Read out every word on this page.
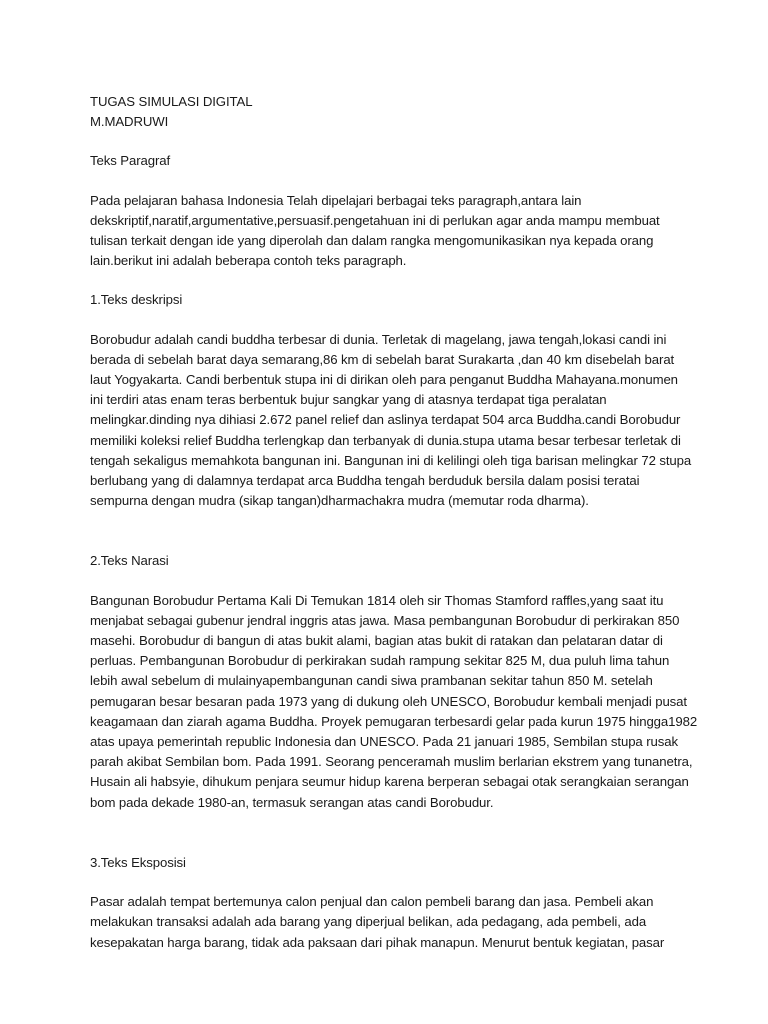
TUGAS SIMULASI DIGITAL
M.MADRUWI
Teks Paragraf
Pada pelajaran bahasa Indonesia Telah dipelajari berbagai teks paragraph,antara lain
dekskriptif,naratif,argumentative,persuasif.pengetahuan ini di perlukan agar anda mampu membuat
tulisan terkait dengan ide yang diperolah dan dalam rangka mengomunikasikan nya kepada orang
lain.berikut ini adalah beberapa contoh teks paragraph.
1.Teks deskripsi
Borobudur adalah candi buddha terbesar di dunia. Terletak di magelang, jawa tengah,lokasi candi ini
berada di sebelah barat daya semarang,86 km di sebelah barat Surakarta ,dan 40 km disebelah barat
laut Yogyakarta. Candi berbentuk stupa ini di dirikan oleh para penganut Buddha Mahayana.monumen
ini terdiri atas enam teras berbentuk bujur sangkar yang di atasnya terdapat tiga peralatan
melingkar.dinding nya dihiasi 2.672 panel relief dan aslinya terdapat 504 arca Buddha.candi Borobudur
memiliki koleksi relief Buddha terlengkap dan terbanyak di dunia.stupa utama besar terbesar terletak di
tengah sekaligus memahkota bangunan ini. Bangunan ini di kelilingi oleh tiga barisan melingkar 72 stupa
berlubang yang di dalamnya terdapat arca Buddha tengah berduduk bersila dalam posisi teratai
sempurna dengan mudra (sikap tangan)dharmachakra mudra (memutar roda dharma).
2.Teks Narasi
Bangunan Borobudur Pertama Kali Di Temukan 1814 oleh sir Thomas Stamford raffles,yang saat itu
menjabat sebagai gubenur jendral inggris atas jawa. Masa pembangunan Borobudur di perkirakan 850
masehi. Borobudur di bangun di atas bukit alami, bagian atas bukit di ratakan dan pelataran datar di
perluas. Pembangunan Borobudur di perkirakan sudah rampung sekitar 825 M, dua puluh lima tahun
lebih awal sebelum di mulainyapembangunan candi siwa prambanan sekitar tahun 850 M. setelah
pemugaran besar besaran pada 1973 yang di dukung oleh UNESCO, Borobudur kembali menjadi pusat
keagamaan dan ziarah agama Buddha. Proyek pemugaran terbesardi gelar pada kurun 1975 hingga1982
atas upaya pemerintah republic Indonesia dan UNESCO. Pada 21 januari 1985, Sembilan stupa rusak
parah akibat Sembilan bom. Pada 1991. Seorang penceramah muslim berlarian ekstrem yang tunanetra,
Husain ali habsyie, dihukum penjara seumur hidup karena berperan sebagai otak serangkaian serangan
bom pada dekade 1980-an, termasuk serangan atas candi Borobudur.
3.Teks Eksposisi
Pasar adalah tempat bertemunya calon penjual dan calon pembeli barang dan jasa. Pembeli akan
melakukan transaksi adalah ada barang yang diperjual belikan, ada pedagang, ada pembeli, ada
kesepakatan harga barang, tidak ada paksaan dari pihak manapun. Menurut bentuk kegiatan, pasar
